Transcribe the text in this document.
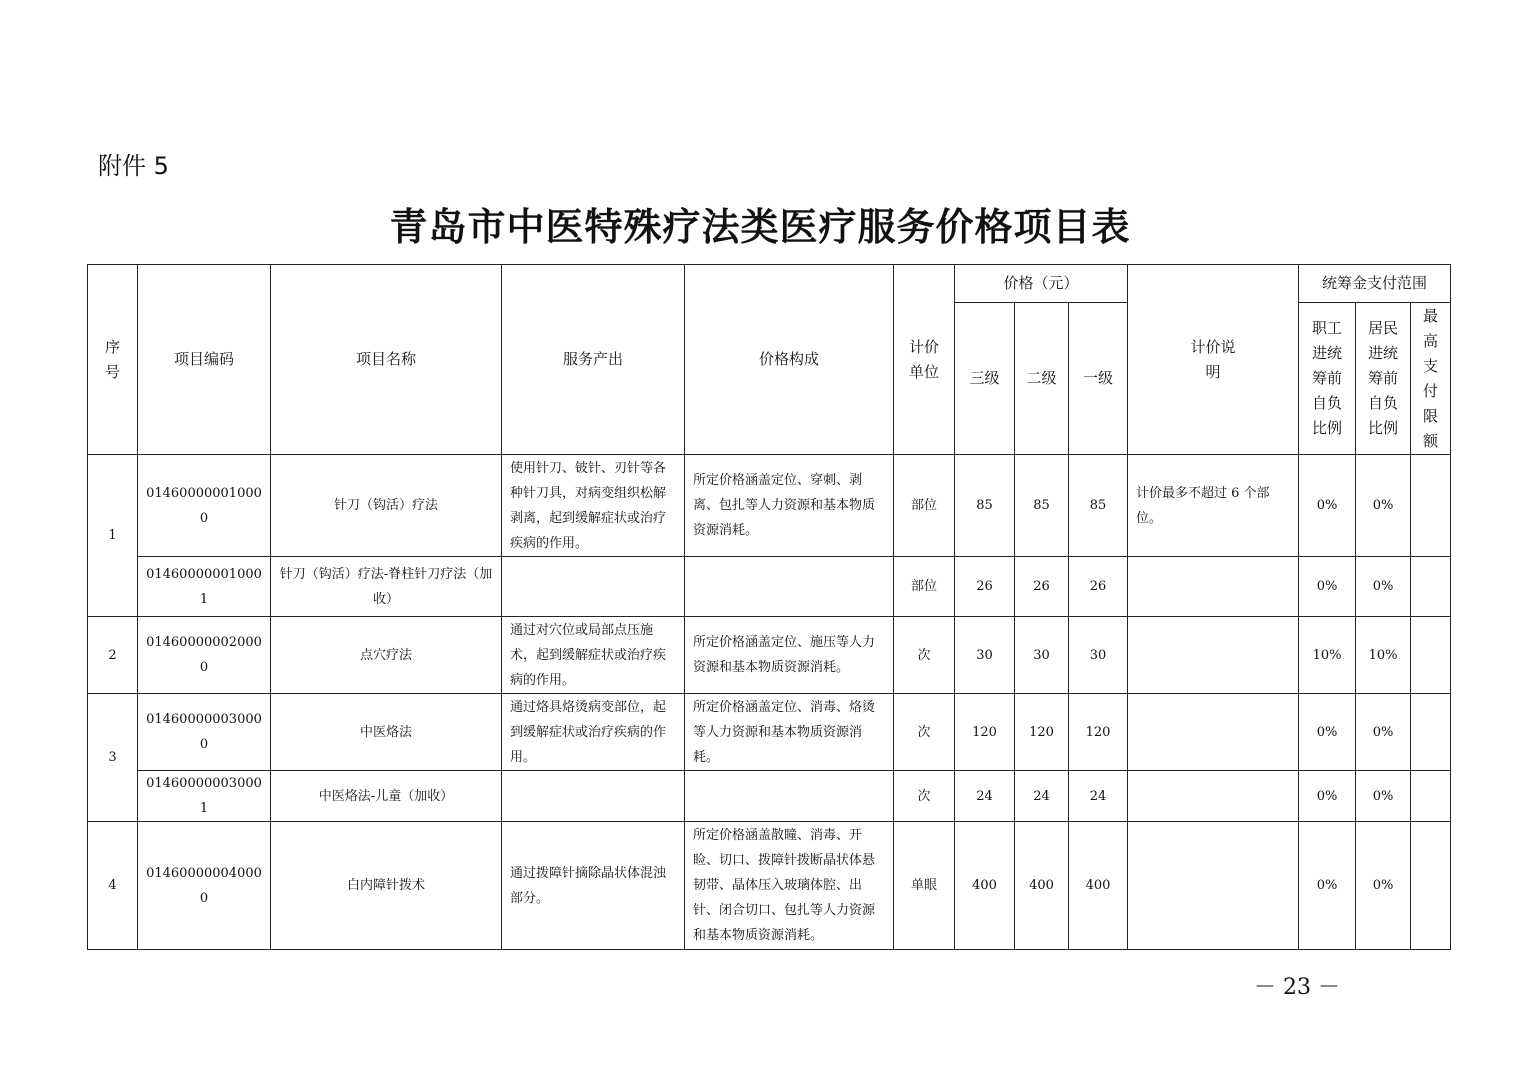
附件 5
青岛市中医特殊疗法类医疗服务价格项目表
序号	项目编码	项目名称	服务产出	价格构成	计价单位	价格（元）			计价说明	统筹金支付范围		
						三级	二级	一级		职工进统筹前自负比例	居民进统筹前自负比例	最高支付限额
1	014600000010000	针刀（钩活）疗法	使用针刀、铍针、刃针等各种针刀具，对病变组织松解剥离，起到缓解症状或治疗疾病的作用。	所定价格涵盖定位、穿刺、剥离、包扎等人力资源和基本物质资源消耗。	部位	85	85	85	计价最多不超过 6 个部位。	0%	0%	
	014600000010001	针刀（钩活）疗法-脊柱针刀疗法（加收）			部位	26	26	26		0%	0%	
2	014600000020000	点穴疗法	通过对穴位或局部点压施术，起到缓解症状或治疗疾病的作用。	所定价格涵盖定位、施压等人力资源和基本物质资源消耗。	次	30	30	30		10%	10%	
3	014600000030000	中医烙法	通过烙具烙烫病变部位，起到缓解症状或治疗疾病的作用。	所定价格涵盖定位、消毒、烙烫等人力资源和基本物质资源消耗。	次	120	120	120		0%	0%	
	014600000030001	中医烙法-儿童（加收）			次	24	24	24		0%	0%	
4	014600000040000	白内障针拨术	通过拨障针摘除晶状体混浊部分。	所定价格涵盖散瞳、消毒、开睑、切口、拨障针拨断晶状体悬韧带、晶体压入玻璃体腔、出针、闭合切口、包扎等人力资源和基本物质资源消耗。	单眼	400	400	400		0%	0%	
－ 23 －
